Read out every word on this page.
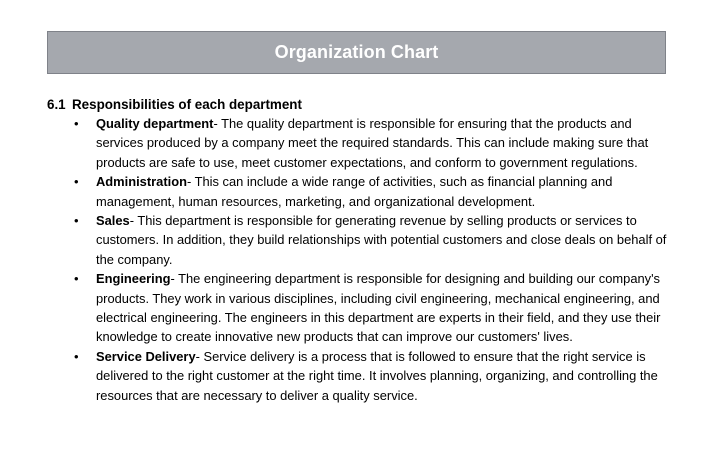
Organization Chart
6.1 Responsibilities of each department
• Quality department- The quality department is responsible for ensuring that the products and services produced by a company meet the required standards. This can include making sure that products are safe to use, meet customer expectations, and conform to government regulations.
• Administration- This can include a wide range of activities, such as financial planning and management, human resources, marketing, and organizational development.
• Sales- This department is responsible for generating revenue by selling products or services to customers. In addition, they build relationships with potential customers and close deals on behalf of the company.
• Engineering- The engineering department is responsible for designing and building our company's products. They work in various disciplines, including civil engineering, mechanical engineering, and electrical engineering. The engineers in this department are experts in their field, and they use their knowledge to create innovative new products that can improve our customers' lives.
• Service Delivery- Service delivery is a process that is followed to ensure that the right service is delivered to the right customer at the right time. It involves planning, organizing, and controlling the resources that are necessary to deliver a quality service.
